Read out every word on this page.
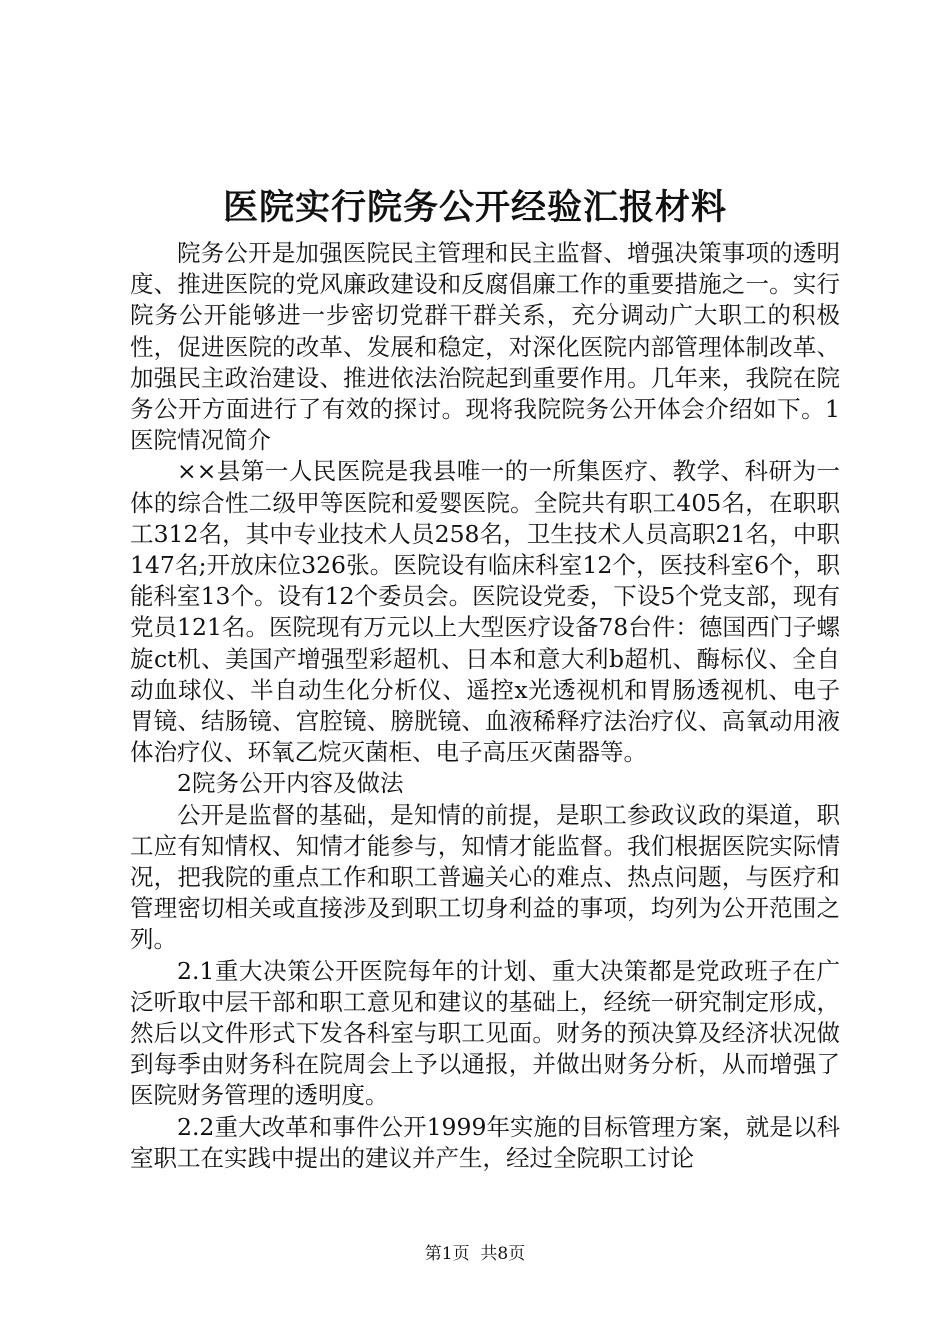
医院实行院务公开经验汇报材料

院务公开是加强医院民主管理和民主监督、增强决策事项的透明度、推进医院的党风廉政建设和反腐倡廉工作的重要措施之一。实行院务公开能够进一步密切党群干群关系，充分调动广大职工的积极性，促进医院的改革、发展和稳定，对深化医院内部管理体制改革、加强民主政治建设、推进依法治院起到重要作用。几年来，我院在院务公开方面进行了有效的探讨。现将我院院务公开体会介绍如下。1医院情况简介

××县第一人民医院是我县唯一的一所集医疗、教学、科研为一体的综合性二级甲等医院和爱婴医院。全院共有职工405名，在职职工312名，其中专业技术人员258名，卫生技术人员高职21名，中职147名;开放床位326张。医院设有临床科室12个，医技科室6个，职能科室13个。设有12个委员会。医院设党委，下设5个党支部，现有党员121名。医院现有万元以上大型医疗设备78台件：德国西门子螺旋ct机、美国产增强型彩超机、日本和意大利b超机、酶标仪、全自动血球仪、半自动生化分析仪、遥控x光透视机和胃肠透视机、电子胃镜、结肠镜、宫腔镜、膀胱镜、血液稀释疗法治疗仪、高氧动用液体治疗仪、环氧乙烷灭菌柜、电子高压灭菌器等。

2院务公开内容及做法

公开是监督的基础，是知情的前提，是职工参政议政的渠道，职工应有知情权、知情才能参与，知情才能监督。我们根据医院实际情况，把我院的重点工作和职工普遍关心的难点、热点问题，与医疗和管理密切相关或直接涉及到职工切身利益的事项，均列为公开范围之列。

2.1重大决策公开医院每年的计划、重大决策都是党政班子在广泛听取中层干部和职工意见和建议的基础上，经统一研究制定形成，然后以文件形式下发各科室与职工见面。财务的预决算及经济状况做到每季由财务科在院周会上予以通报，并做出财务分析，从而增强了医院财务管理的透明度。

2.2重大改革和事件公开1999年实施的目标管理方案，就是以科室职工在实践中提出的建议并产生，经过全院职工讨论

第1页 共8页
